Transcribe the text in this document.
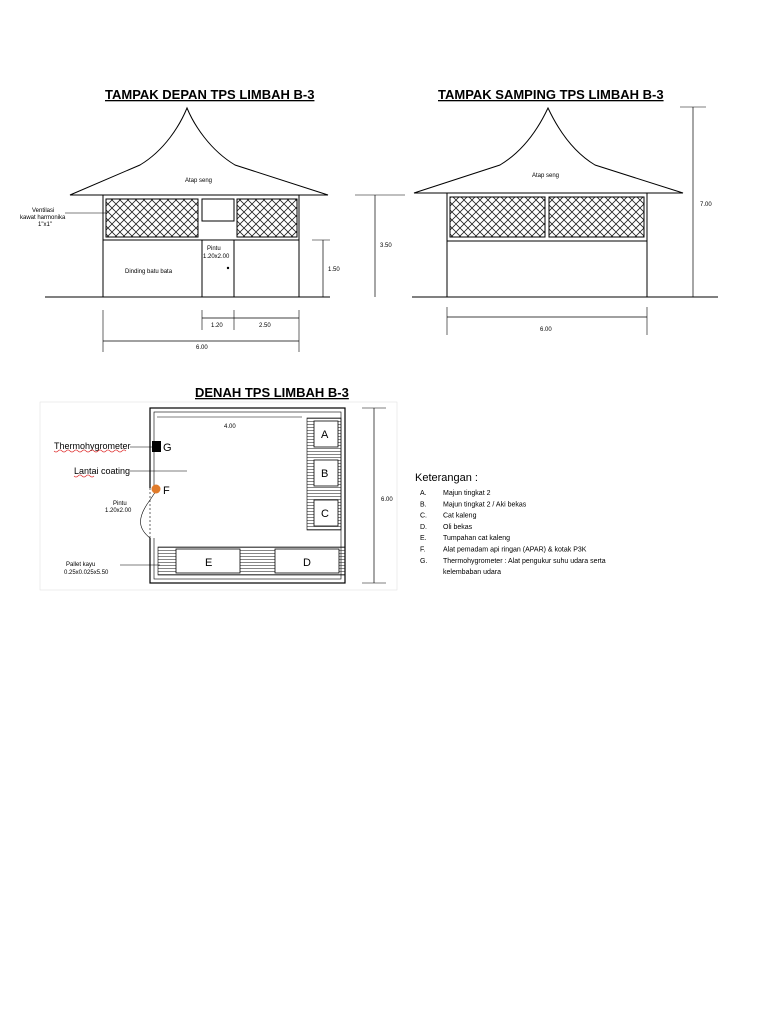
TAMPAK DEPAN TPS LIMBAH B-3
Atap seng
Pintu
1.20x2.00
Dinding batu bata
Ventilasi
kawat harmonika
1"x1"
3.50
1.50
1.20	2.50
6.00
TAMPAK SAMPING TPS LIMBAH B-3
Atap seng
7.00
6.00
DENAH TPS LIMBAH B-3
4.00
6.00
A
B
C
E	D
G
Thermohygrometer
Lantai coating
F
Pintu
1.20x2.00
Pallet kayu
0.25x0.025x5.50
Keterangan :
A. Majun tingkat 2
B. Majun tingkat 2 / Aki bekas
C. Cat kaleng
D. Oli bekas
E. Tumpahan cat kaleng
F.	Alat pemadam api ringan (APAR) & kotak P3K
G. Thermohygrometer : Alat pengukur suhu udara serta
kelembaban udara
